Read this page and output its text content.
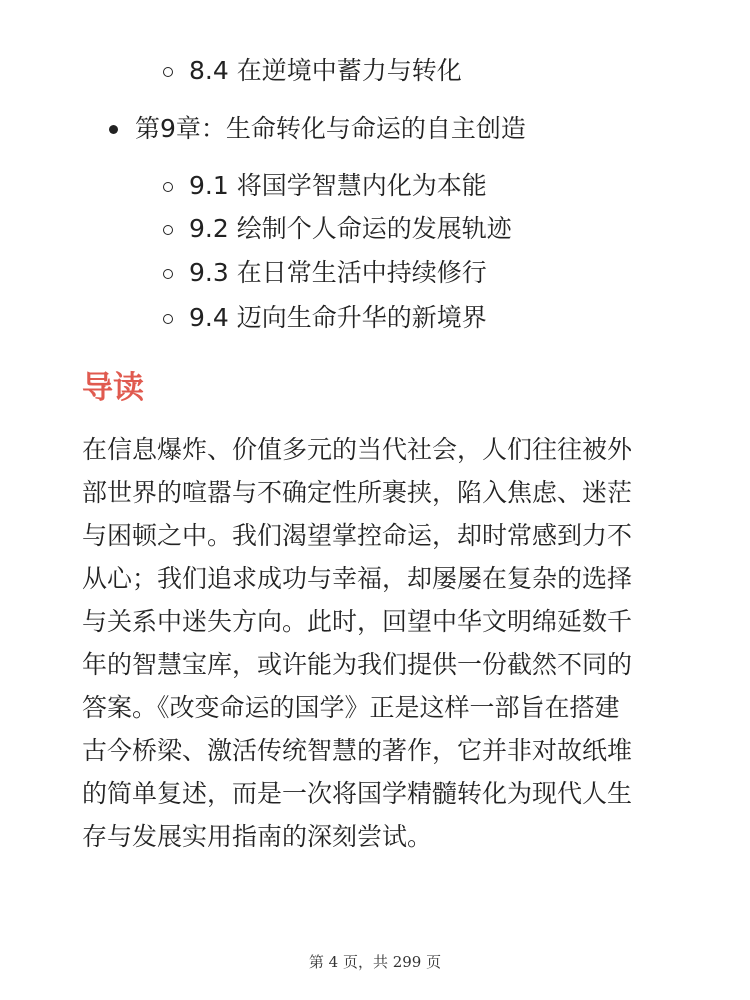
8.4 在逆境中蓄力与转化
第9章：生命转化与命运的自主创造
9.1 将国学智慧内化为本能
9.2 绘制个人命运的发展轨迹
9.3 在日常生活中持续修行
9.4 迈向生命升华的新境界
导读

在信息爆炸、价值多元的当代社会，人们往往被外
部世界的喧嚣与不确定性所裹挟，陷入焦虑、迷茫
与困顿之中。我们渴望掌控命运，却时常感到力不
从心；我们追求成功与幸福，却屡屡在复杂的选择
与关系中迷失方向。此时，回望中华文明绵延数千
年的智慧宝库，或许能为我们提供一份截然不同的
答案。《改变命运的国学》正是这样一部旨在搭建
古今桥梁、激活传统智慧的著作，它并非对故纸堆
的简单复述，而是一次将国学精髓转化为现代人生
存与发展实用指南的深刻尝试。

第 4 页，共 299 页
